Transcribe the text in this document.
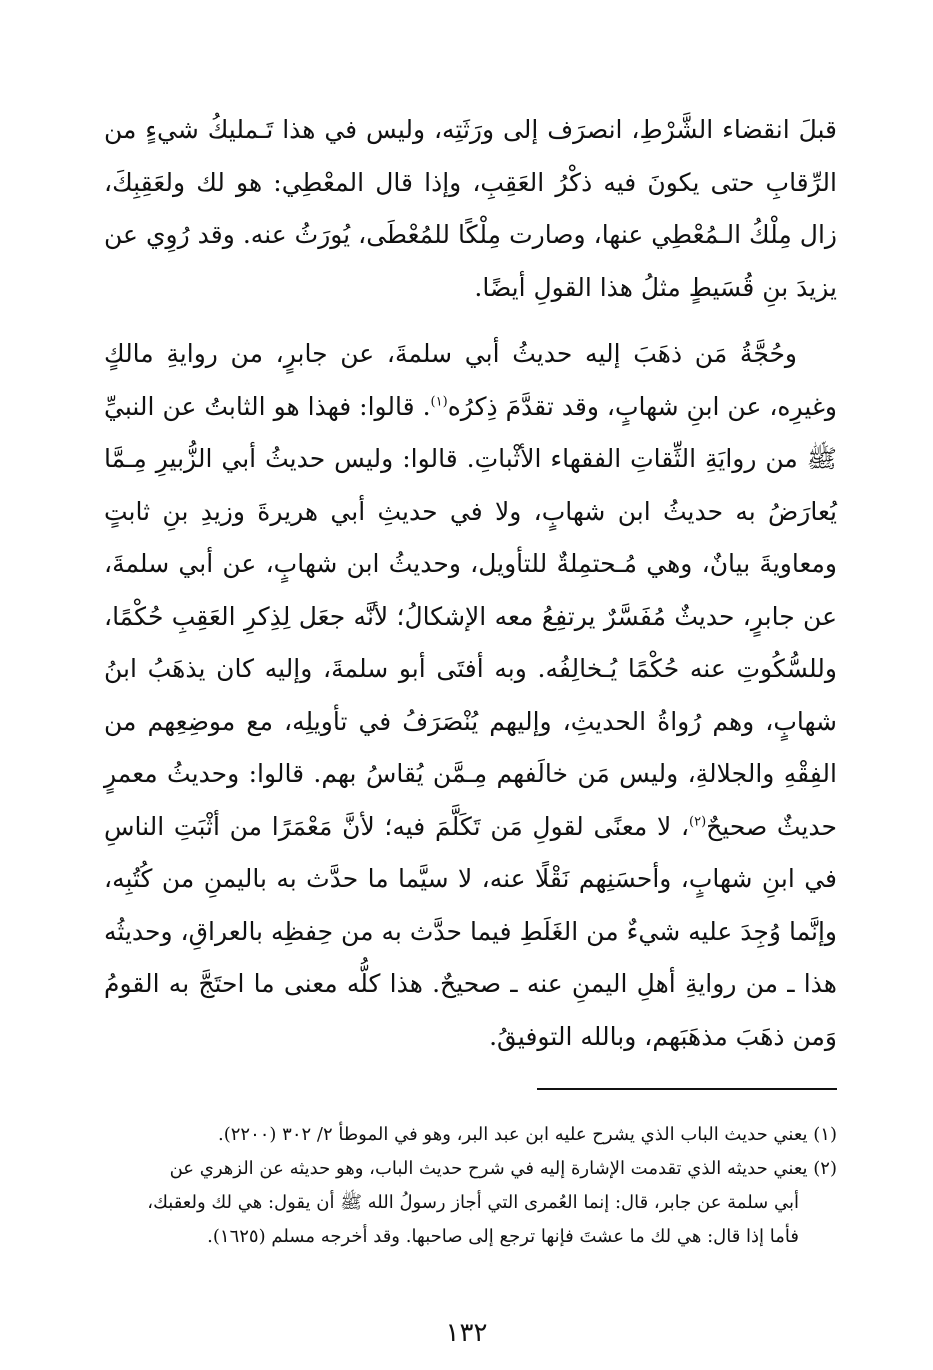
قبلَ انقضاء الشَّرْطِ، انصرَف إلى ورَثَتِه، وليس في هذا تَـمليكُ شيءٍ من الرِّقابِ حتى يكونَ فيه ذكْرُ العَقِبِ، وإذا قال المعْطِي: هو لك ولعَقِبِكَ، زال مِلْكُ الـمُعْطِي عنها، وصارت مِلْكًا للمُعْطَى، يُورَثُ عنه. وقد رُوِي عن يزيدَ بنِ قُسَيطٍ مثلُ هذا القولِ أيضًا.

وحُجَّةُ مَن ذهَبَ إليه حديثُ أبي سلمةَ، عن جابرٍ، من روايةِ مالكٍ وغيرِه، عن ابنِ شهابٍ، وقد تقدَّمَ ذِكرُه$^{(١)}$. قالوا: فهذا هو الثابتُ عن النبيِّ ﷺ من روايَةِ الثِّقاتِ الفقهاء الأثْباتِ. قالوا: وليس حديثُ أبي الزُّبيرِ مِـمَّا يُعارَضُ به حديثُ ابن شهابٍ، ولا في حديثِ أبي هريرةَ وزيدِ بنِ ثابتٍ ومعاويةَ بيانٌ، وهي مُـحتمِلةٌ للتأويل، وحديثُ ابن شهابٍ، عن أبي سلمةَ، عن جابرٍ، حديثٌ مُفَسَّرٌ يرتفِعُ معه الإشكالُ؛ لأنَّه جعَل لِذِكرِ العَقِبِ حُكْمًا، وللسُّكُوتِ عنه حُكْمًا يُـخالِفُه. وبه أفتَى أبو سلمةَ، وإليه كان يذهَبُ ابنُ شهابٍ، وهم رُواةُ الحديثِ، وإليهم يُنْصَرَفُ في تأويلِه، مع موضِعِهم من الفِقْهِ والجلالةِ، وليس مَن خالَفهم مِـمَّن يُقاسُ بهم. قالوا: وحديثُ معمرٍ حديثٌ صحيحٌ$^{(٢)}$، لا معنًى لقولِ مَن تَكَلَّمَ فيه؛ لأنَّ مَعْمَرًا من أثْبَتِ الناسِ في ابنِ شهابٍ، وأحسَنِهم نَقْلًا عنه، لا سيَّما ما حدَّث به باليمنِ من كُتُبِه، وإنَّما وُجِدَ عليه شيءٌ من الغَلَطِ فيما حدَّث به من حِفظِه بالعراقِ، وحديثُه هذا ـ من روايةِ أهلِ اليمنِ عنه ـ صحيحٌ. هذا كلُّه معنى ما احتَجَّ به القومُ وَمن ذهَبَ مذهَبَهم، وبالله التوفيقُ.

(١) يعني حديث الباب الذي يشرح عليه ابن عبد البر، وهو في الموطأ ٢/ ٣٠٢ (٢٢٠٠).

(٢) يعني حديثه الذي تقدمت الإشارة إليه في شرح حديث الباب، وهو حديثه عن الزهري عن
أبي سلمة عن جابر، قال: إنما العُمرى التي أجاز رسولُ الله ﷺ أن يقول: هي لك ولعقبك،
فأما إذا قال: هي لك ما عشتَ فإنها ترجع إلى صاحبها. وقد أخرجه مسلم (١٦٢٥).

١٣٢
